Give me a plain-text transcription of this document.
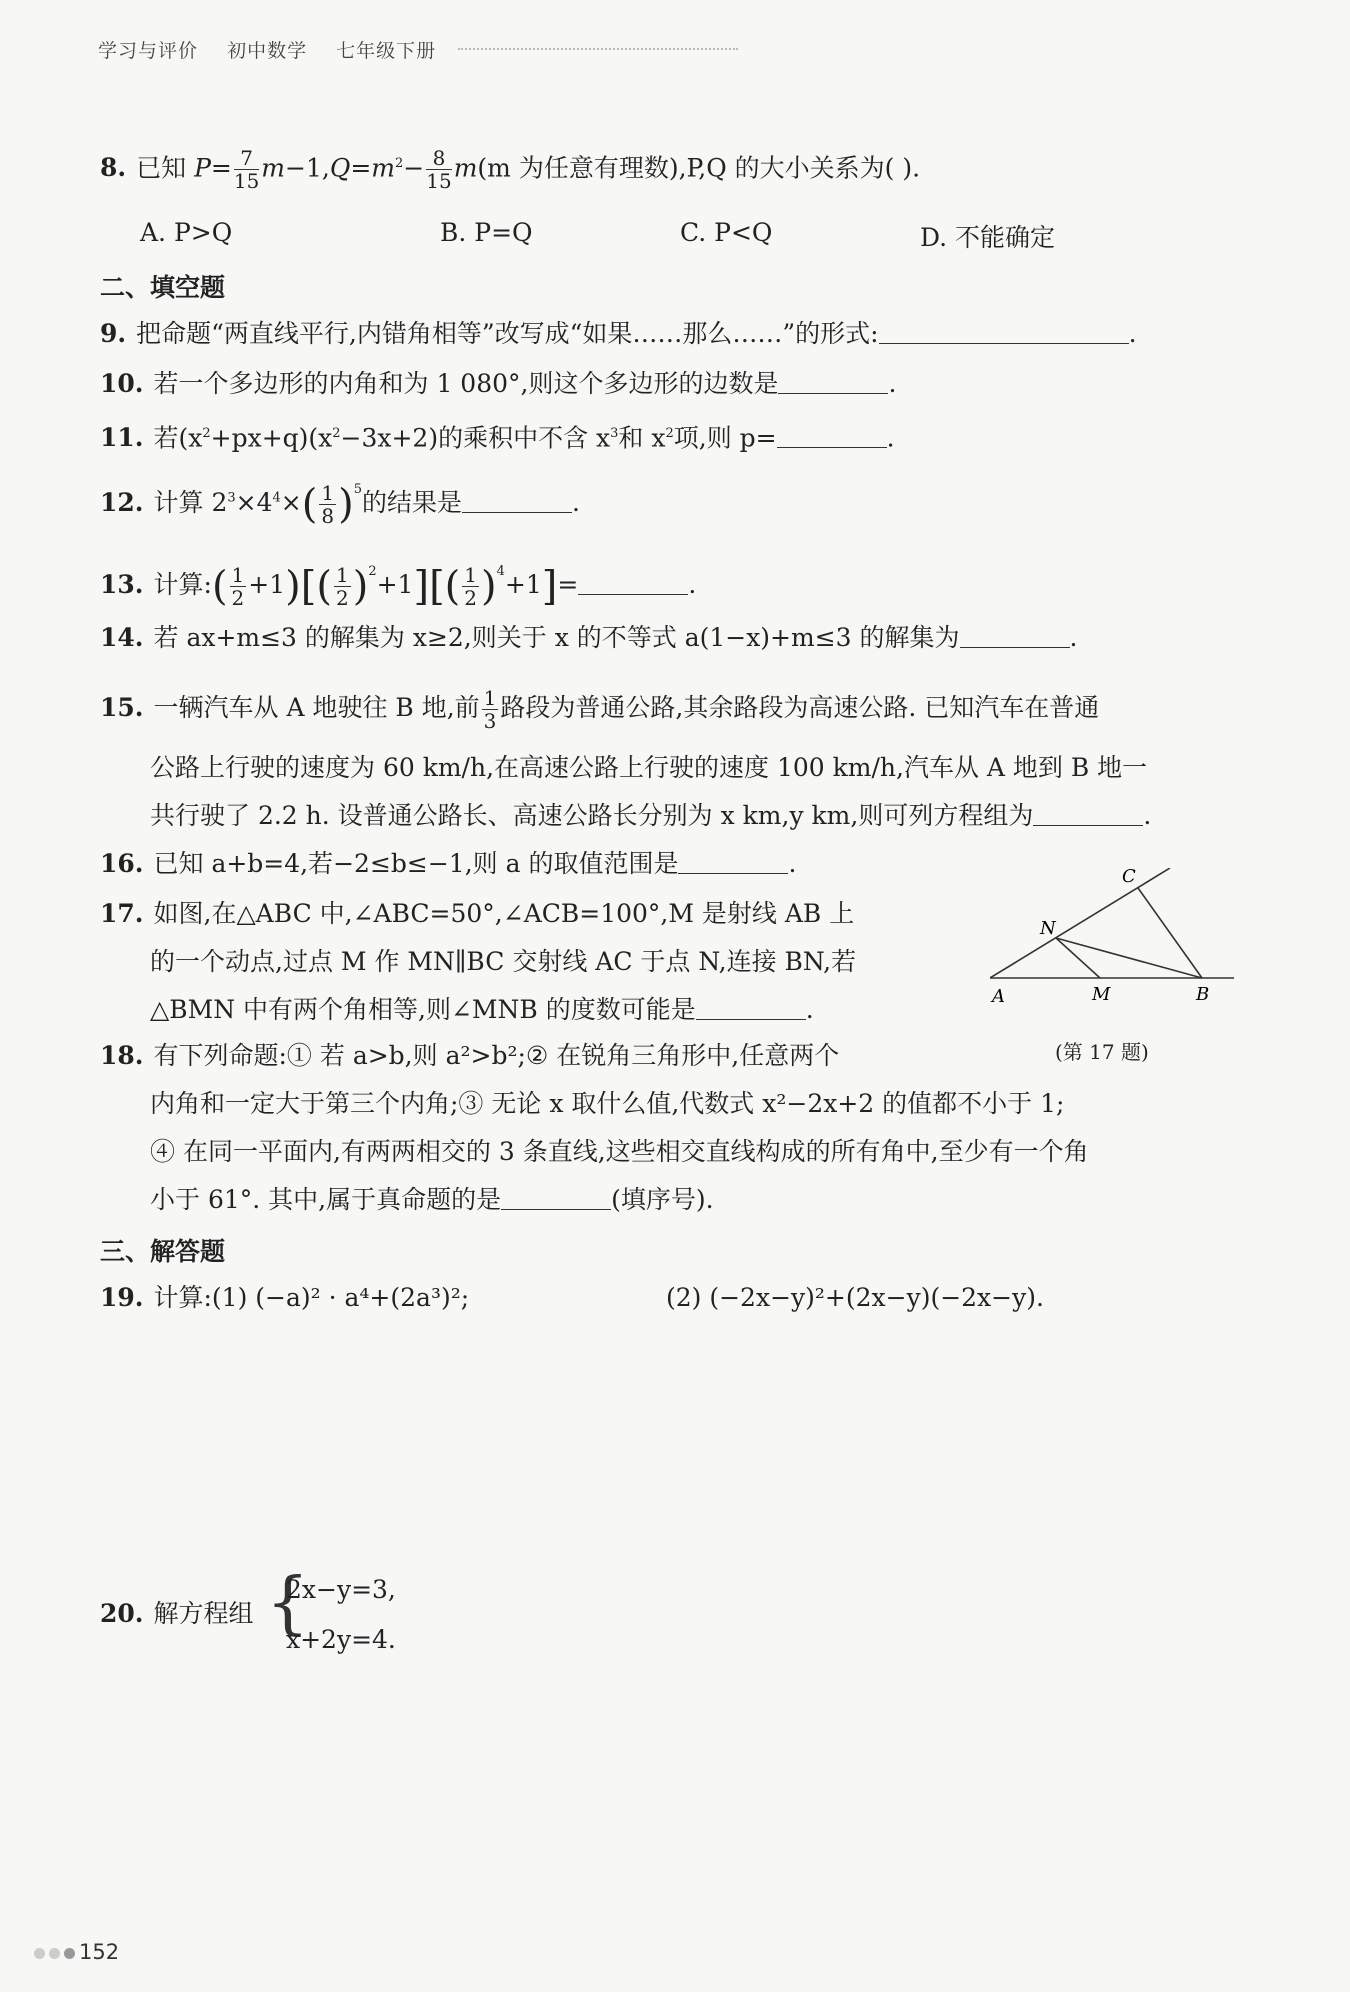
学习与评价 初中数学 七年级下册
8. 已知 $P= \frac{7}{15} m-1,Q=m^2- \frac{8}{15} m(m$ 为任意有理数),P,Q 的大小关系为( ).
A. P>Q	B. P=Q	C. P<Q	D. 不能确定
二、填空题
9. 把命题“两直线平行,内错角相等”改写成“如果……那么……”的形式:	.
10. 若一个多边形的内角和为 1 080°,则这个多边形的边数是	.
11. 若$(x^2+px+q)(x^2-3x+2)$的乘积中不含 $x^3$和 $x^2$项,则 p=	.
12. 计算 $2^3\times 4^4\times( \frac{1}{8} )^5$的结果是	.
13. 计算:( $\frac{1}{2} +1)[( \frac{1}{2} )^2+1][( \frac{1}{2} )^4+1]=$	.
14. 若 ax+m≤3 的解集为 x≥2,则关于 x 的不等式 a(1−x)+m≤3 的解集为	.
15. 一辆汽车从 A 地驶往 B 地,前 $\frac{1}{3}$ 路段为普通公路,其余路段为高速公路. 已知汽车在普通
公路上行驶的速度为 60 km/h,在高速公路上行驶的速度 100 km/h,汽车从 A 地到 B 地一
共行驶了 2.2 h. 设普通公路长、高速公路长分别为 x km,y km,则可列方程组为	.
16. 已知 a+b=4,若−2≤b≤−1,则 a 的取值范围是	.
17. 如图,在△ABC 中,∠ABC=50°,∠ACB=100°,M 是射线 AB 上
的一个动点,过点 M 作 MN∥BC 交射线 AC 于点 N,连接 BN,若
△BMN 中有两个角相等,则∠MNB 的度数可能是	.	A	M	B
N
C
(第 17 题)
18. 有下列命题:① 若 a>b,则 a²>b²;② 在锐角三角形中,任意两个
内角和一定大于第三个内角;③ 无论 x 取什么值,代数式 x²−2x+2 的值都不小于 1;
④ 在同一平面内,有两两相交的 3 条直线,这些相交直线构成的所有角中,至少有一个角
小于 61°. 其中,属于真命题的是	(填序号).
三、解答题
19. 计算:(1) (−a)² · a⁴+(2a³)²;	(2) (−2x−y)²+(2x−y)(−2x−y).
20. 解方程组 {
2x−y=3,
x+2y=4.
152
